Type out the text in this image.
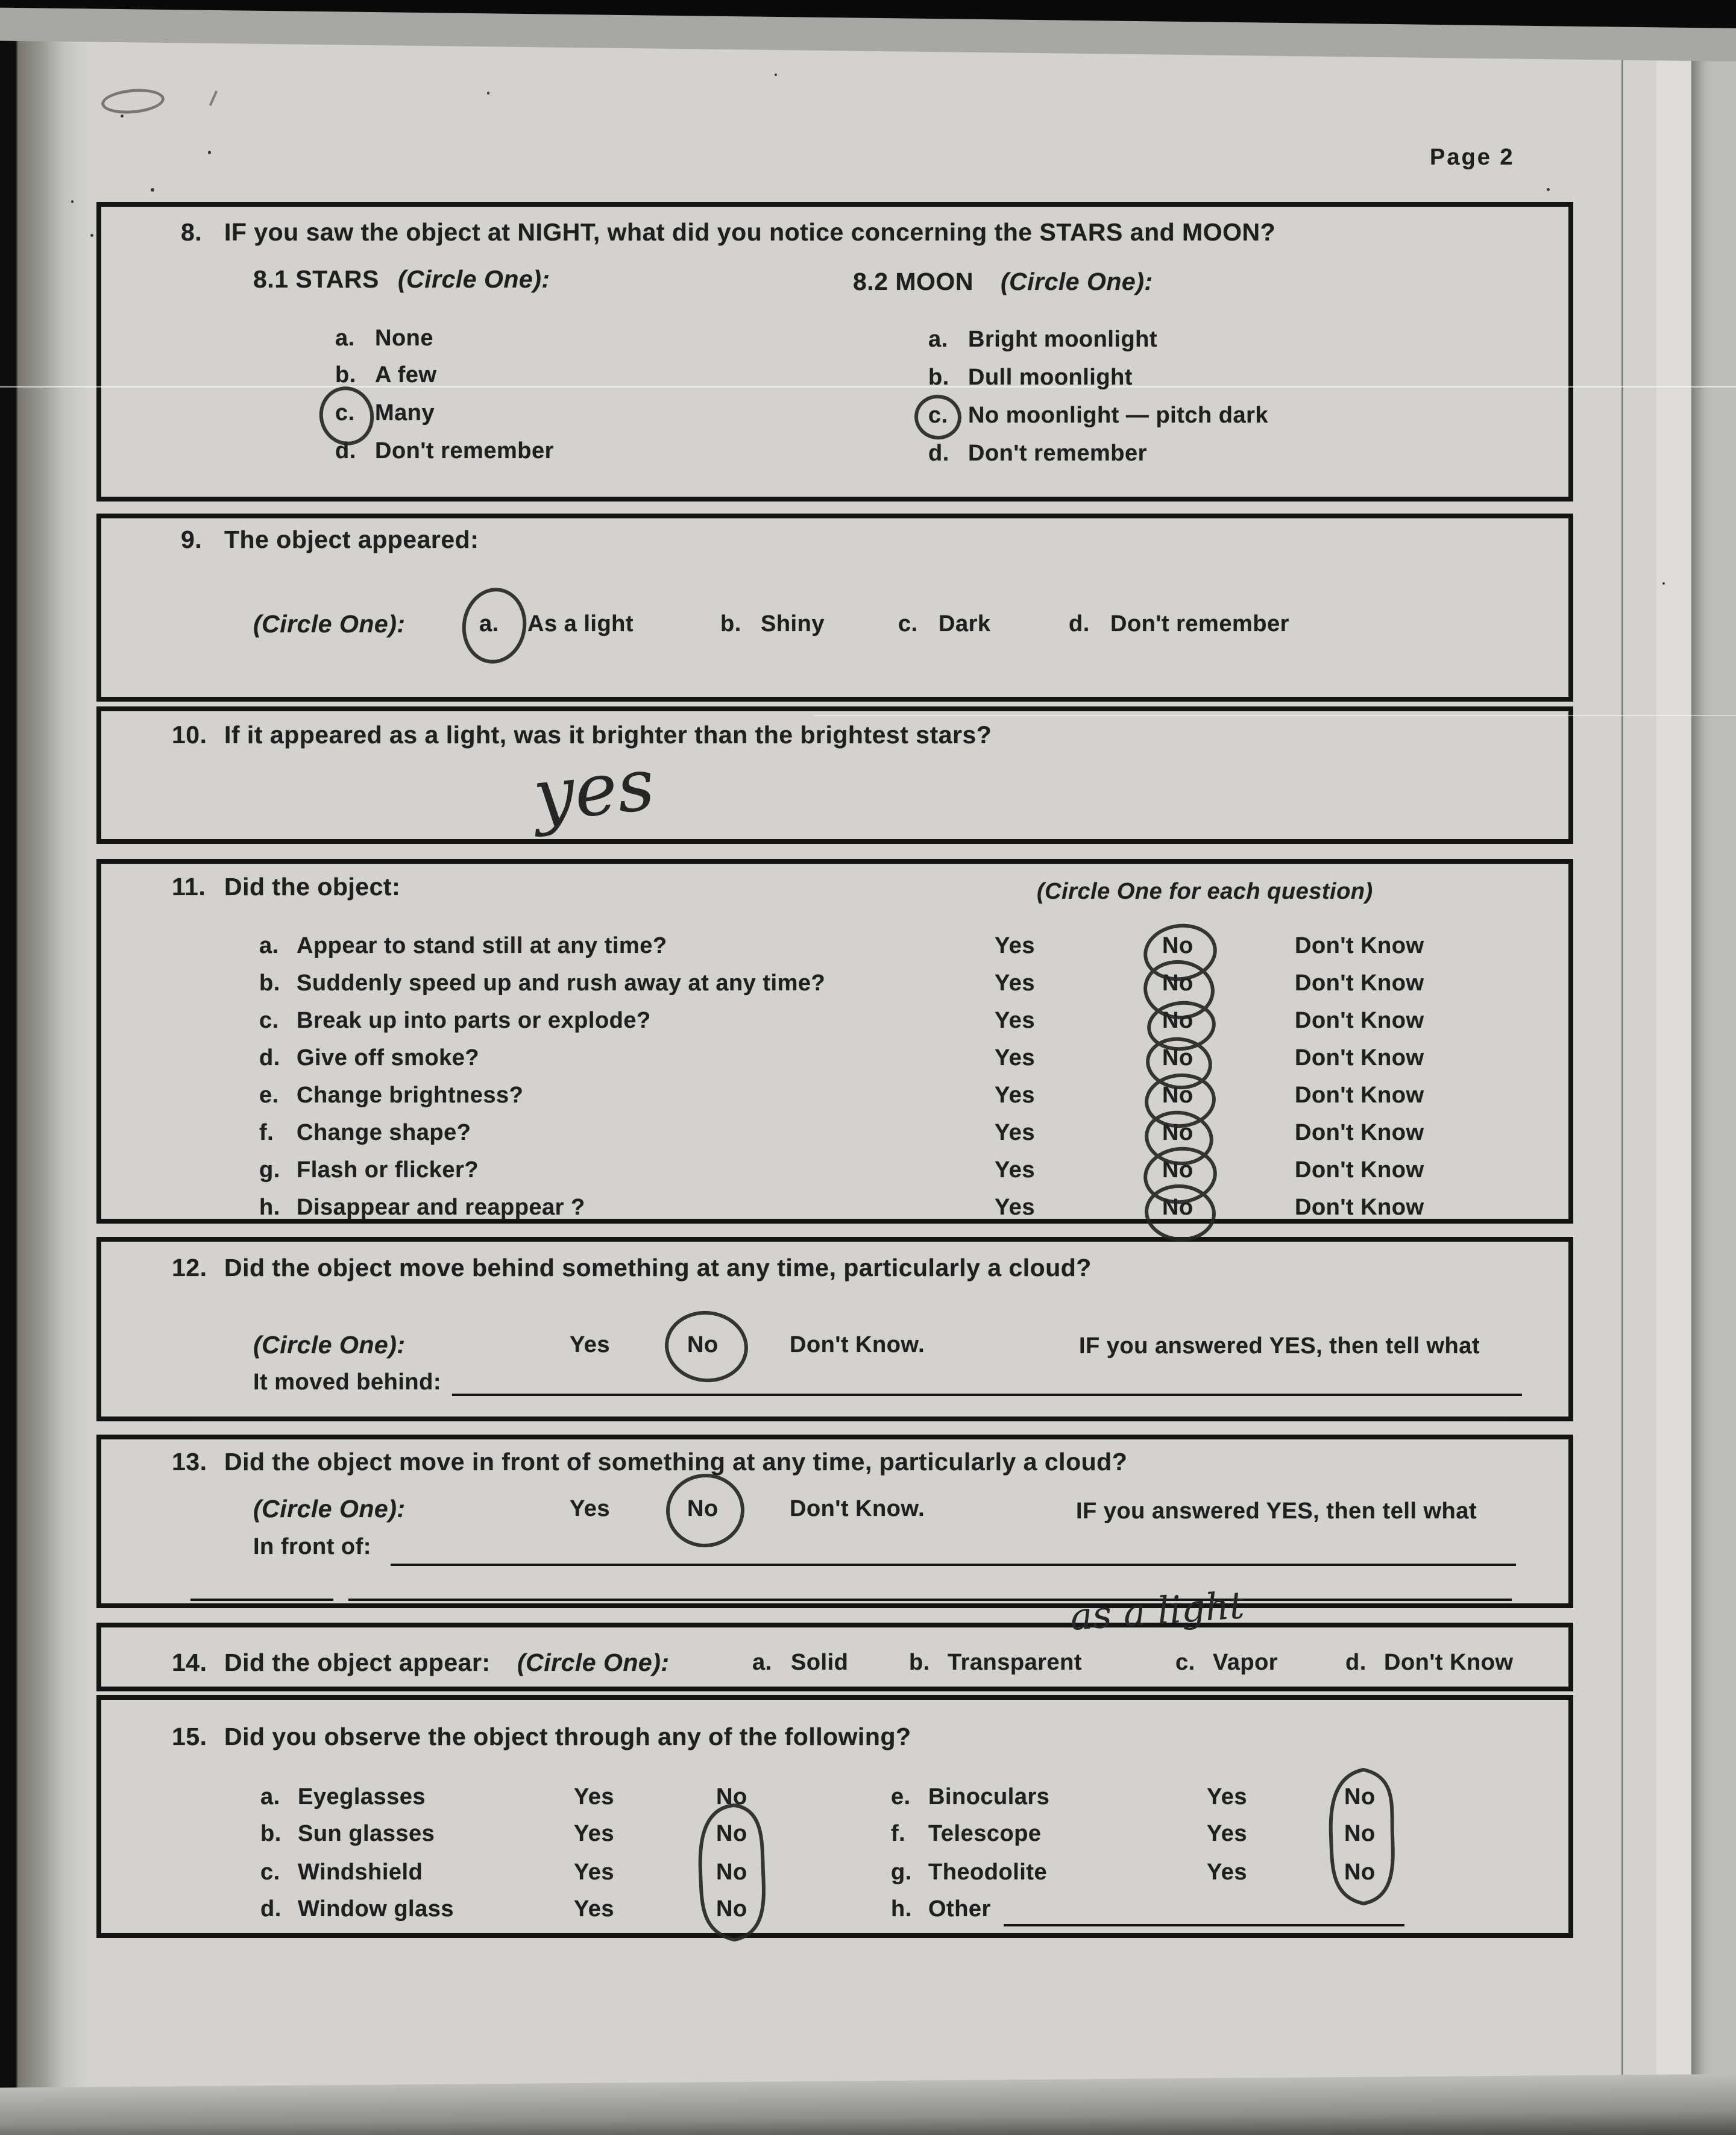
Page 2
8. IF you saw the object at NIGHT, what did you notice concerning the STARS and MOON?
8.1 STARS (Circle One):	8.2 MOON (Circle One):
a. None
b. A few
c. Many
d. Don't remember
a. Bright moonlight
b. Dull moonlight
c. No moonlight — pitch dark
d. Don't remember
9. The object appeared:
(Circle One):	a. As a light	b. Shiny	c. Dark	d. Don't remember
10. If it appeared as a light, was it brighter than the brightest stars?
yes
11. Did the object:	(Circle One for each question)
a. Appear to stand still at any time?	Yes	No	Don't Know
b. Suddenly speed up and rush away at any time?	Yes	No	Don't Know
c. Break up into parts or explode?	Yes	No	Don't Know
d. Give off smoke?	Yes	No	Don't Know
e. Change brightness?	Yes	No	Don't Know
f. Change shape?	Yes	No	Don't Know
g. Flash or flicker?	Yes	No	Don't Know
h. Disappear and reappear ?	Yes	No	Don't Know
12. Did the object move behind something at any time, particularly a cloud?
(Circle One):	Yes	No	Don't Know.	IF you answered YES, then tell what
It moved behind:
13. Did the object move in front of something at any time, particularly a cloud?
(Circle One):	Yes	No	Don't Know.	IF you answered YES, then tell what
In front of:
14. Did the object appear: (Circle One):	a. Solid	b. Transparent	c. Vapor	d. Don't Know
as a light
15. Did you observe the object through any of the following?
a. Eyeglasses	Yes	No
b. Sun glasses	Yes	No
c. Windshield	Yes	No
d. Window glass	Yes	No
e. Binoculars	Yes	No
f. Telescope	Yes	No
g. Theodolite	Yes	No
h. Other
